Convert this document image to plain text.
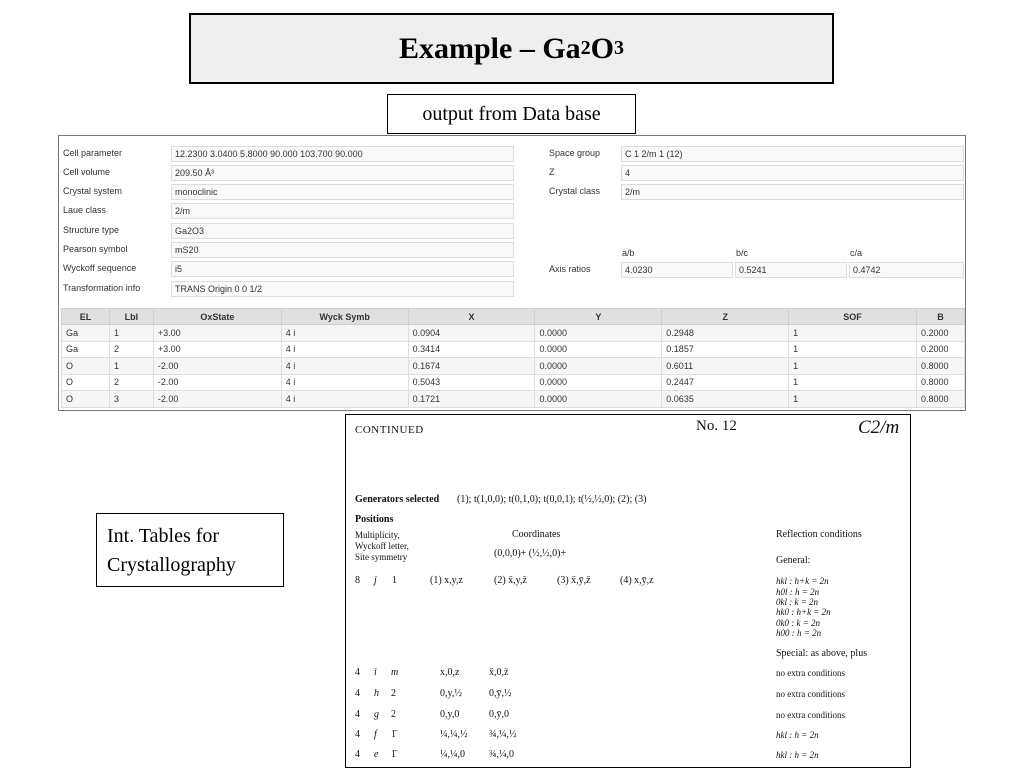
Example – Ga 2 O 3
output from Data base
Cell parameter	12.2300 3.0400 5.8000 90.000 103.700 90.000
Cell volume	209.50 Å³
Crystal system	monoclinic
Laue class	2/m
Structure type	Ga2O3
Pearson symbol	mS20
Wyckoff sequence	i5
Transformation info	TRANS Origin 0 0 1/2
Space group	C 1 2/m 1 (12)
Z	4
Crystal class	2/m
a/b	b/c	c/a
Axis ratios	4.0230	0.5241	0.4742
EL	Lbl	OxState	Wyck Symb	X	Y	Z	SOF	B
Ga	1	+3.00	4 i	0.0904	0.0000	0.2948	1	0.2000
Ga	2	+3.00	4 i	0.3414	0.0000	0.1857	1	0.2000
O	1	-2.00	4 i	0.1674	0.0000	0.6011	1	0.8000
O	2	-2.00	4 i	0.5043	0.0000	0.2447	1	0.8000
O	3	-2.00	4 i	0.1721	0.0000	0.0635	1	0.8000
CONTINUED	No. 12	C2/m
Generators selected (1); t(1,0,0); t(0,1,0); t(0,0,1); t(½,½,0); (2); (3)
Positions
Multiplicity,
Wyckoff letter,
Site symmetry
Coordinates
(0,0,0)+ (½,½,0)+
Reflection conditions
General:
8 j 1	(1) x,y,z	(2) x̄,y,z̄	(3) x̄,ȳ,z̄	(4) x,ȳ,z	hkl : h+k = 2n
h0l : h = 2n
0kl : k = 2n
hk0 : h+k = 2n
0k0 : k = 2n
h00 : h = 2n
Special: as above, plus
4 i m	x,0,z	x̄,0,z̄	no extra conditions
4 h 2	0,y,½	0,ȳ,½	no extra conditions
4 g 2	0,y,0	0,ȳ,0	no extra conditions
4 f 1̄	¼,¼,½ ¾,¼,½	hkl : h = 2n
4 e 1̄	¼,¼,0 ¾,¼,0	hkl : h = 2n
Int. Tables for
Crystallography
